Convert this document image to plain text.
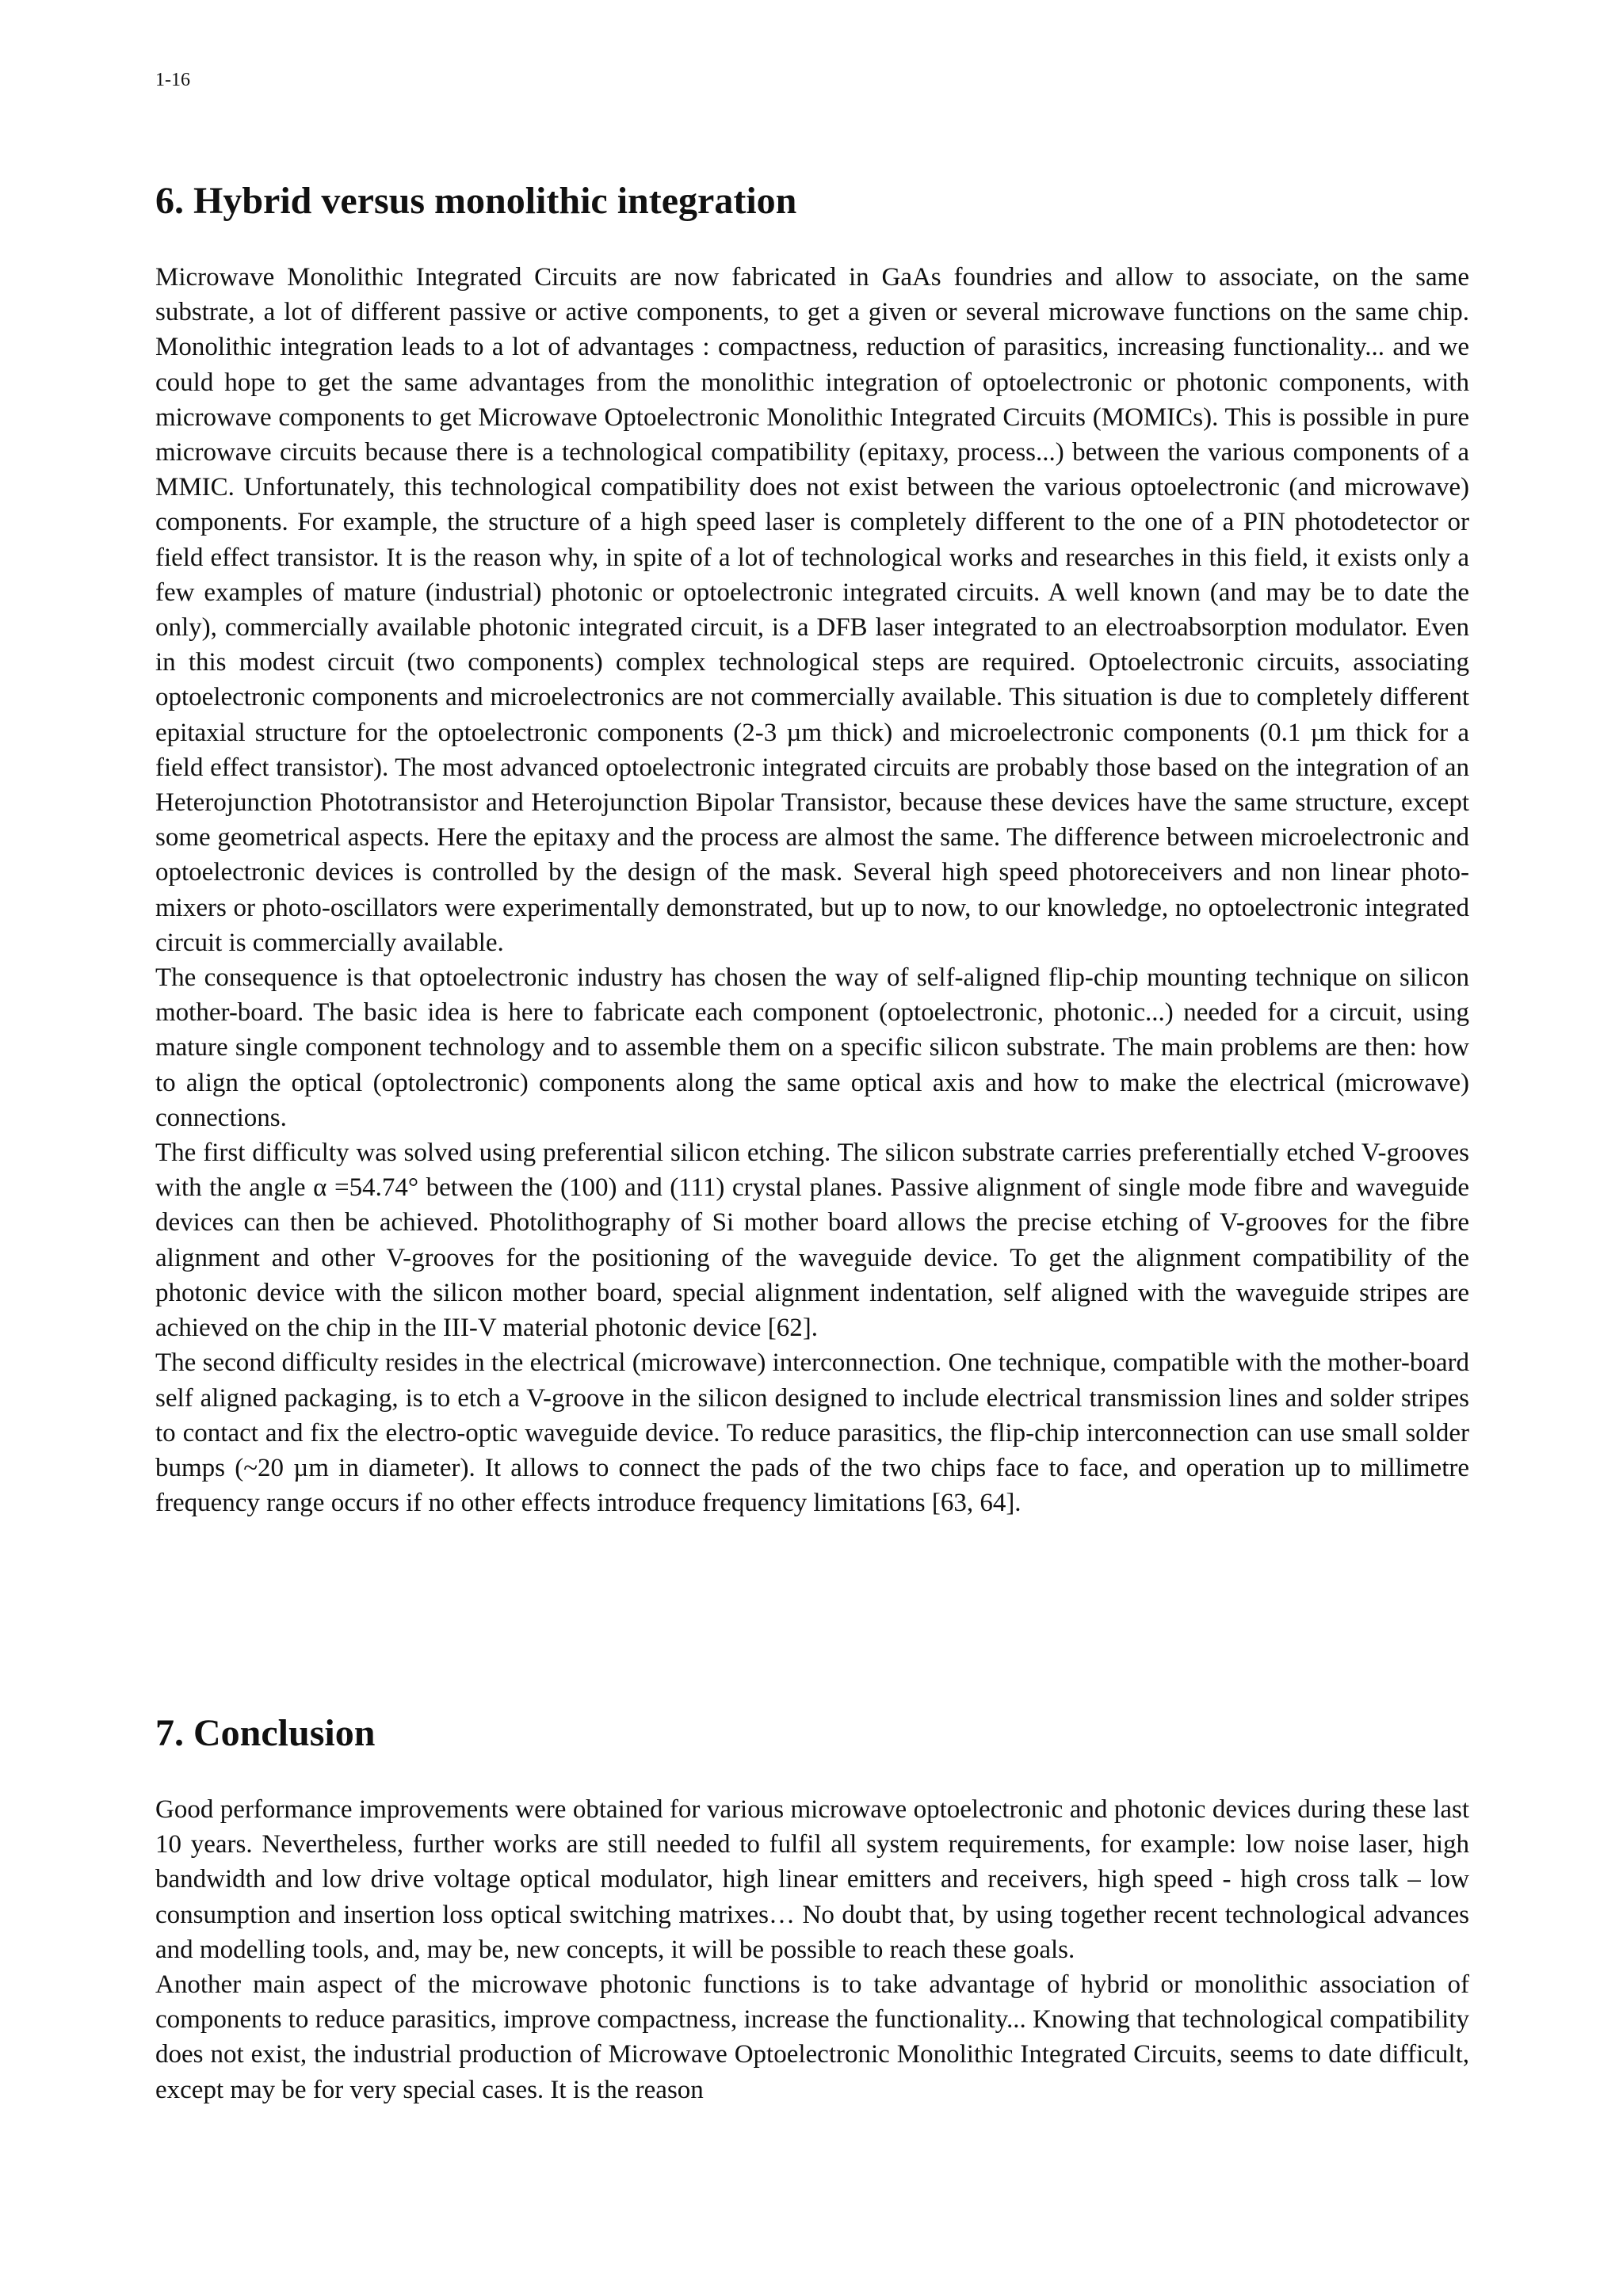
1-16
6. Hybrid versus monolithic integration

Microwave Monolithic Integrated Circuits are now fabricated in GaAs foundries and allow to associate, on the same substrate, a lot of different passive or active components, to get a given or several microwave functions on the same chip. Monolithic integration leads to a lot of advantages : compactness, reduction of parasitics, increasing functionality... and we could hope to get the same advantages from the monolithic integration of optoelectronic or photonic components, with microwave components to get Microwave Optoelectronic Monolithic Integrated Circuits (MOMICs). This is possible in pure microwave circuits because there is a technological compatibility (epitaxy, process...) between the various components of a MMIC. Unfortunately, this technological compatibility does not exist between the various optoelectronic (and microwave) components. For example, the structure of a high speed laser is completely different to the one of a PIN photodetector or field effect transistor. It is the reason why, in spite of a lot of technological works and researches in this field, it exists only a few examples of mature (industrial) photonic or optoelectronic integrated circuits. A well known (and may be to date the only), commercially available photonic integrated circuit, is a DFB laser integrated to an electroabsorption modulator. Even in this modest circuit (two components) complex technological steps are required. Optoelectronic circuits, associating optoelectronic components and microelectronics are not commercially available. This situation is due to completely different epitaxial structure for the optoelectronic components (2-3 µm thick) and microelectronic components (0.1 µm thick for a field effect transistor). The most advanced optoelectronic integrated circuits are probably those based on the integration of an Heterojunction Phototransistor and Heterojunction Bipolar Transistor, because these devices have the same structure, except some geometrical aspects. Here the epitaxy and the process are almost the same. The difference between microelectronic and optoelectronic devices is controlled by the design of the mask. Several high speed photoreceivers and non linear photo-mixers or photo-oscillators were experimentally demonstrated, but up to now, to our knowledge, no optoelectronic integrated circuit is commercially available.

The consequence is that optoelectronic industry has chosen the way of self-aligned flip-chip mounting technique on silicon mother-board. The basic idea is here to fabricate each component (optoelectronic, photonic...) needed for a circuit, using mature single component technology and to assemble them on a specific silicon substrate. The main problems are then: how to align the optical (optolectronic) components along the same optical axis and how to make the electrical (microwave) connections.

The first difficulty was solved using preferential silicon etching. The silicon substrate carries preferentially etched V-grooves with the angle α =54.74° between the (100) and (111) crystal planes. Passive alignment of single mode fibre and waveguide devices can then be achieved. Photolithography of Si mother board allows the precise etching of V-grooves for the fibre alignment and other V-grooves for the positioning of the waveguide device. To get the alignment compatibility of the photonic device with the silicon mother board, special alignment indentation, self aligned with the waveguide stripes are achieved on the chip in the III-V material photonic device [62].

The second difficulty resides in the electrical (microwave) interconnection. One technique, compatible with the mother-board self aligned packaging, is to etch a V-groove in the silicon designed to include electrical transmission lines and solder stripes to contact and fix the electro-optic waveguide device. To reduce parasitics, the flip-chip interconnection can use small solder bumps (~20 µm in diameter). It allows to connect the pads of the two chips face to face, and operation up to millimetre frequency range occurs if no other effects introduce frequency limitations [63, 64].

7. Conclusion

Good performance improvements were obtained for various microwave optoelectronic and photonic devices during these last 10 years. Nevertheless, further works are still needed to fulfil all system requirements, for example: low noise laser, high bandwidth and low drive voltage optical modulator, high linear emitters and receivers, high speed - high cross talk – low consumption and insertion loss optical switching matrixes… No doubt that, by using together recent technological advances and modelling tools, and, may be, new concepts, it will be possible to reach these goals.

Another main aspect of the microwave photonic functions is to take advantage of hybrid or monolithic association of components to reduce parasitics, improve compactness, increase the functionality... Knowing that technological compatibility does not exist, the industrial production of Microwave Optoelectronic Monolithic Integrated Circuits, seems to date difficult, except may be for very special cases. It is the reason
